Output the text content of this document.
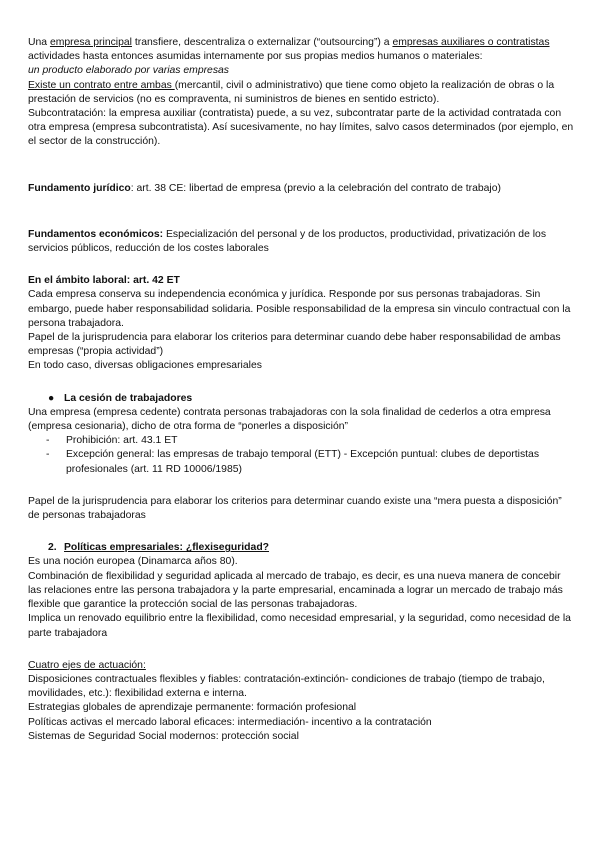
Una empresa principal transfiere, descentraliza o externalizar (“outsourcing”) a empresas auxiliares o contratistas actividades hasta entonces asumidas internamente por sus propias medios humanos o materiales:

un producto elaborado por varias empresas

Existe un contrato entre ambas (mercantil, civil o administrativo) que tiene como objeto la realización de obras o la prestación de servicios (no es compraventa, ni suministros de bienes en sentido estricto).

Subcontratación: la empresa auxiliar (contratista) puede, a su vez, subcontratar parte de la actividad contratada con otra empresa (empresa subcontratista). Así sucesivamente, no hay límites, salvo casos determinados (por ejemplo, en el sector de la construcción).

Fundamento jurídico: art. 38 CE: libertad de empresa (previo a la celebración del contrato de trabajo)

Fundamentos económicos: Especialización del personal y de los productos, productividad, privatización de los servicios públicos, reducción de los costes laborales

En el ámbito laboral: art. 42 ET

Cada empresa conserva su independencia económica y jurídica. Responde por sus personas trabajadoras. Sin embargo, puede haber responsabilidad solidaria. Posible responsabilidad de la empresa sin vinculo contractual con la persona trabajadora.

Papel de la jurisprudencia para elaborar los criterios para determinar cuando debe haber responsabilidad de ambas empresas (“propia actividad”)

En todo caso, diversas obligaciones empresariales

● La cesión de trabajadores

Una empresa (empresa cedente) contrata personas trabajadoras con la sola finalidad de cederlos a otra empresa (empresa cesionaria), dicho de otra forma de “ponerles a disposición”

- Prohibición: art. 43.1 ET
- Excepción general: las empresas de trabajo temporal (ETT) - Excepción puntual: clubes de deportistas profesionales (art. 11 RD 10006/1985)

Papel de la jurisprudencia para elaborar los criterios para determinar cuando existe una “mera puesta a disposición” de personas trabajadoras

2. Políticas empresariales: ¿flexiseguridad?

Es una noción europea (Dinamarca años 80).

Combinación de flexibilidad y seguridad aplicada al mercado de trabajo, es decir, es una nueva manera de concebir las relaciones entre las persona trabajadora y la parte empresarial, encaminada a lograr un mercado de trabajo más flexible que garantice la protección social de las personas trabajadoras.

Implica un renovado equilibrio entre la flexibilidad, como necesidad empresarial, y la seguridad, como necesidad de la parte trabajadora

Cuatro ejes de actuación:

Disposiciones contractuales flexibles y fiables: contratación-extinción- condiciones de trabajo (tiempo de trabajo, movilidades, etc.): flexibilidad externa e interna.

Estrategias globales de aprendizaje permanente: formación profesional

Políticas activas el mercado laboral eficaces: intermediación- incentivo a la contratación

Sistemas de Seguridad Social modernos: protección social
